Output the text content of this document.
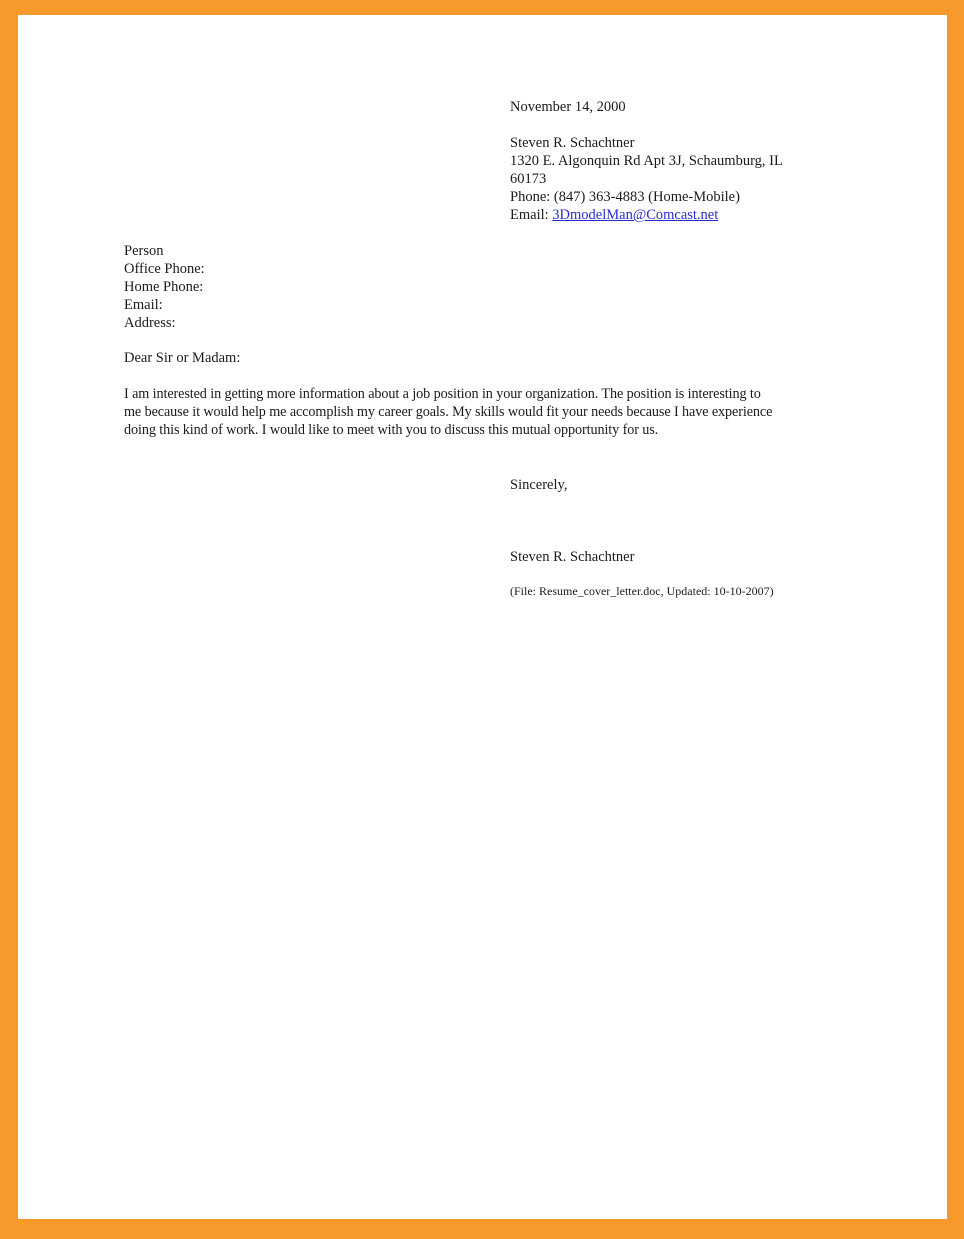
November 14, 2000
Steven R. Schachtner
1320 E. Algonquin Rd Apt 3J, Schaumburg, IL
60173
Phone: (847) 363-4883 (Home-Mobile)
Email: 3DmodelMan@Comcast.net
Person
Office Phone:
Home Phone:
Email:
Address:
Dear Sir or Madam:
I am interested in getting more information about a job position in your organization. The position is interesting to
me because it would help me accomplish my career goals. My skills would fit your needs because I have experience
doing this kind of work. I would like to meet with you to discuss this mutual opportunity for us.
Sincerely,
Steven R. Schachtner
(File: Resume_cover_letter.doc, Updated: 10-10-2007)
